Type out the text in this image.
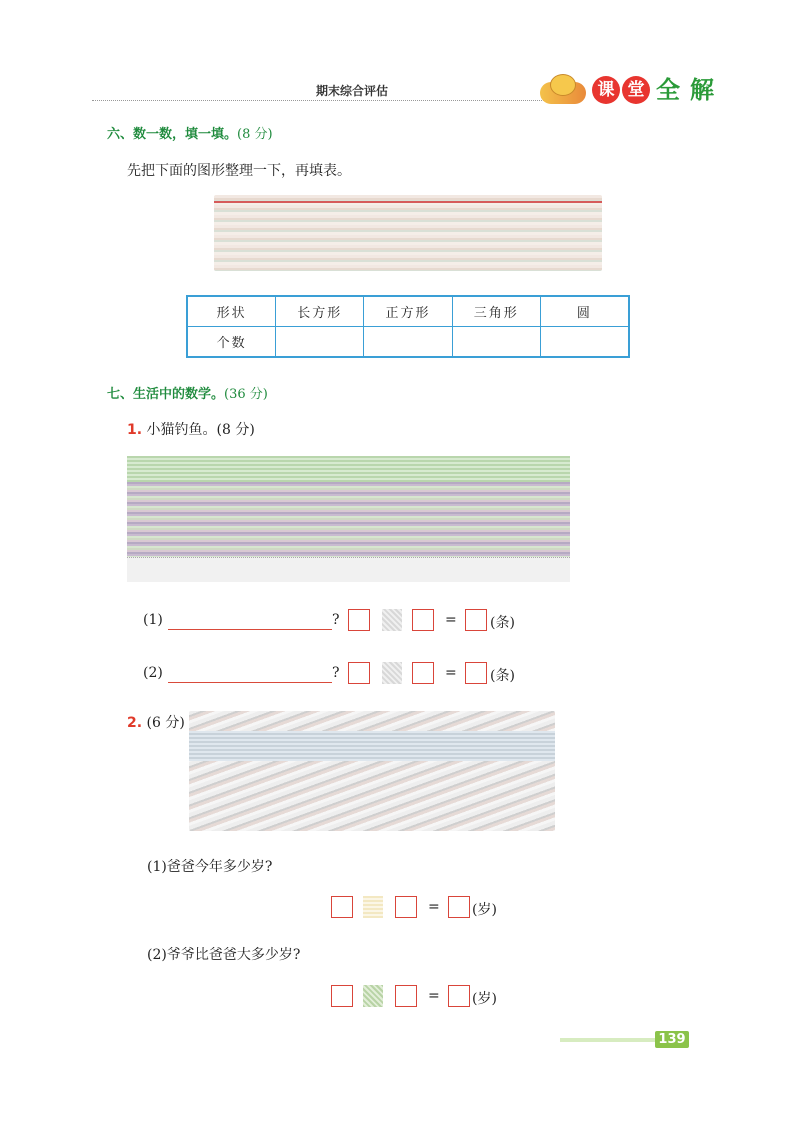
期末综合评估	课 堂 全 解
六、数一数，填一填。(8 分)
先把下面的图形整理一下，再填表。
形状	长方形	正方形	三角形	圆
个数
七、生活中的数学。(36 分)
1. 小猫钓鱼。(8 分)
(1)	?	= (条)
(2)	?	= (条)
2. (6 分)
(1)爸爸今年多少岁?
= (岁)
(2)爷爷比爸爸大多少岁?
= (岁)
139
